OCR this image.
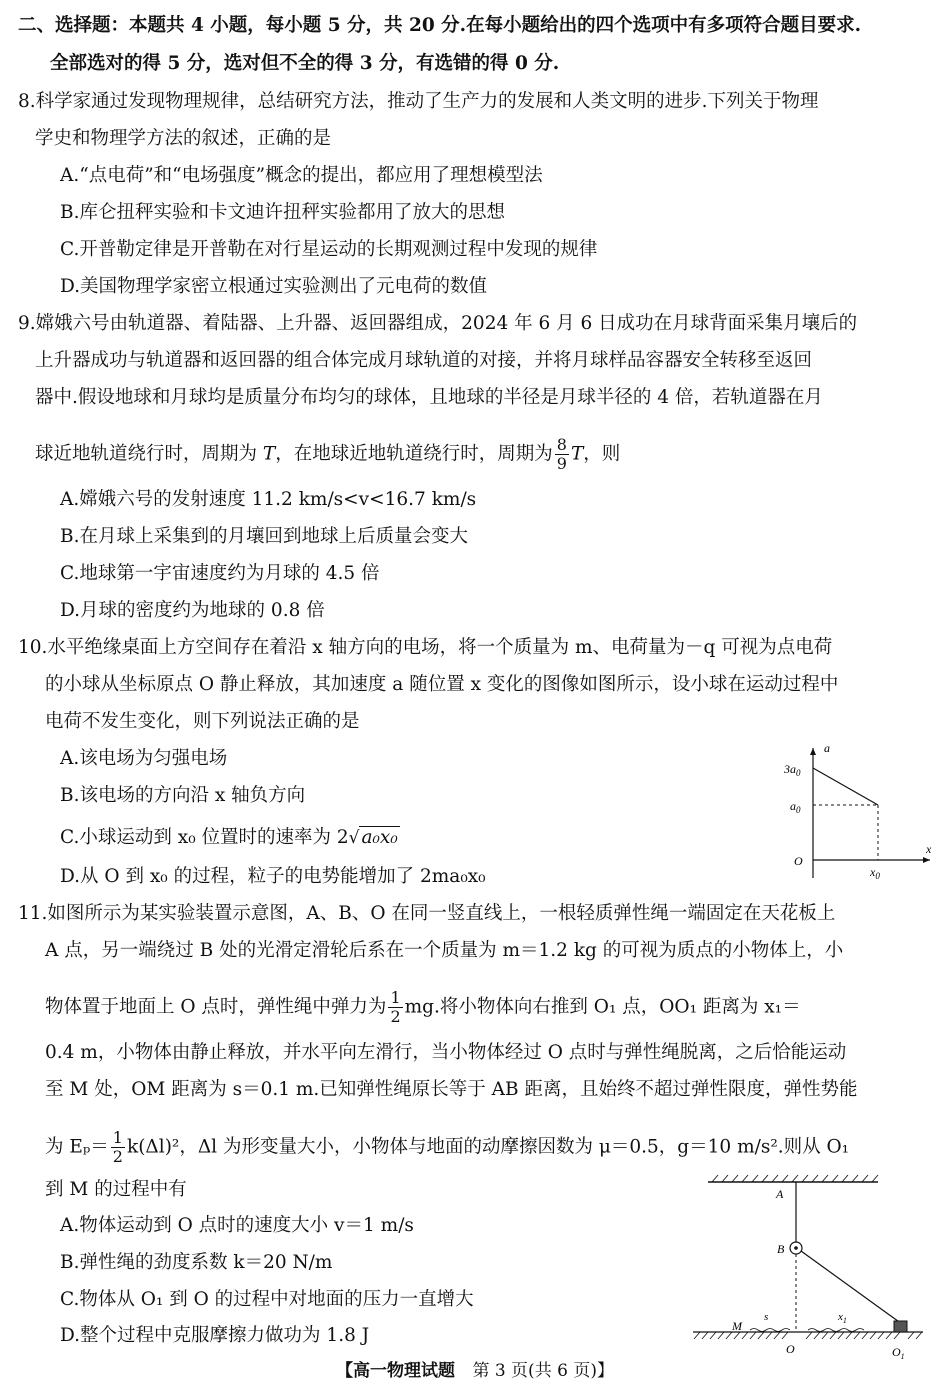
二、选择题：本题共 4 小题，每小题 5 分，共 20 分.在每小题给出的四个选项中有多项符合题目要求.
全部选对的得 5 分，选对但不全的得 3 分，有选错的得 0 分.
8.科学家通过发现物理规律，总结研究方法，推动了生产力的发展和人类文明的进步.下列关于物理
学史和物理学方法的叙述，正确的是
A.“点电荷”和“电场强度”概念的提出，都应用了理想模型法
B.库仑扭秤实验和卡文迪许扭秤实验都用了放大的思想
C.开普勒定律是开普勒在对行星运动的长期观测过程中发现的规律
D.美国物理学家密立根通过实验测出了元电荷的数值
9.嫦娥六号由轨道器、着陆器、上升器、返回器组成，2024 年 6 月 6 日成功在月球背面采集月壤后的
上升器成功与轨道器和返回器的组合体完成月球轨道的对接，并将月球样品容器安全转移至返回
器中.假设地球和月球均是质量分布均匀的球体，且地球的半径是月球半径的 4 倍，若轨道器在月
球近地轨道绕行时，周期为 T，在地球近地轨道绕行时，周期为 $\frac{8}{9}$ T，则
A.嫦娥六号的发射速度 11.2 km/s<v<16.7 km/s
B.在月球上采集到的月壤回到地球上后质量会变大
C.地球第一宇宙速度约为月球的 4.5 倍
D.月球的密度约为地球的 0.8 倍
10.水平绝缘桌面上方空间存在着沿 x 轴方向的电场，将一个质量为 m、电荷量为－q 可视为点电荷
的小球从坐标原点 O 静止释放，其加速度 a 随位置 x 变化的图像如图所示，设小球在运动过程中
电荷不发生变化，则下列说法正确的是
A.该电场为匀强电场
B.该电场的方向沿 x 轴负方向
C.小球运动到 x₀ 位置时的速率为 2√ a₀x₀
D.从 O 到 x₀ 的过程，粒子的电势能增加了 2ma₀x₀
a
x
O
$3a_0$
$a_0$
$x_0$
11.如图所示为某实验装置示意图，A、B、O 在同一竖直线上，一根轻质弹性绳一端固定在天花板上
A 点，另一端绕过 B 处的光滑定滑轮后系在一个质量为 m＝1.2 kg 的可视为质点的小物体上，小
物体置于地面上 O 点时，弹性绳中弹力为 $\frac{1}{2}$ mg.将小物体向右推到 O₁ 点，OO₁ 距离为 x₁＝
0.4 m，小物体由静止释放，并水平向左滑行，当小物体经过 O 点时与弹性绳脱离，之后恰能运动
至 M 处，OM 距离为 s＝0.1 m.已知弹性绳原长等于 AB 距离，且始终不超过弹性限度，弹性势能
为 $E_p= \frac{1}{2} k(\Delta l)^2$，Δl 为形变量大小，小物体与地面的动摩擦因数为 μ＝0.5，g＝10 m/s².则从 O₁
到 M 的过程中有
A.物体运动到 O 点时的速度大小 v＝1 m/s
B.弹性绳的劲度系数 k＝20 N/m
C.物体从 O₁ 到 O 的过程中对地面的压力一直增大
D.整个过程中克服摩擦力做功为 1.8 J
A
B
M
s	$x_1$
O	$O_1$
【高一物理试题 第 3 页(共 6 页)】
